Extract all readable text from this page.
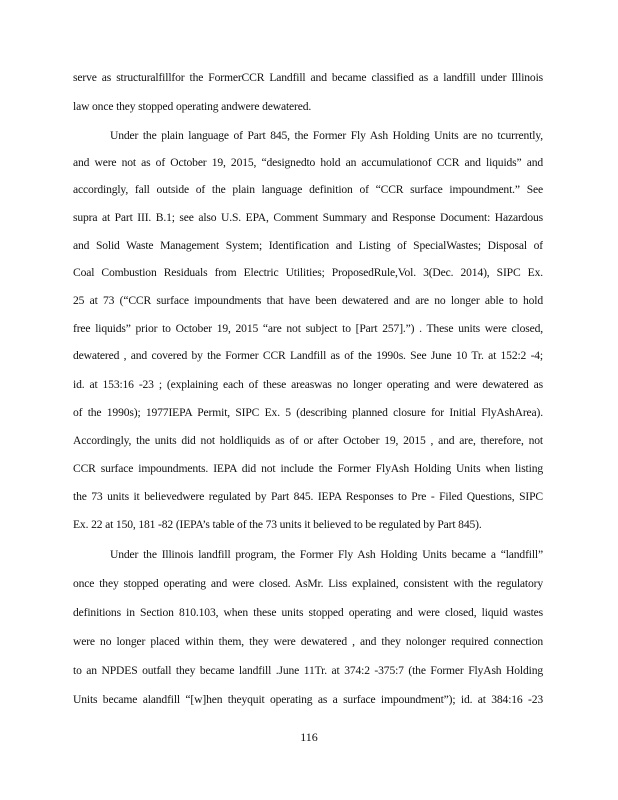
serve as structuralfillfor the FormerCCR Landfill and became classified as a landfill under Illinois
law once they stopped operating andwere dewatered.
Under the plain language of Part 845, the Former Fly Ash Holding Units are no tcurrently,
and were not as of October 19, 2015, “designedto hold an accumulationof CCR and liquids” and
accordingly, fall outside of the plain language definition of “CCR surface impoundment.” See
supra at Part III. B.1; see also U.S. EPA, Comment Summary and Response Document: Hazardous
and Solid Waste Management System; Identification and Listing of SpecialWastes; Disposal of
Coal Combustion Residuals from Electric Utilities; ProposedRule,Vol. 3(Dec. 2014), SIPC Ex.
25 at 73 (“CCR surface impoundments that have been dewatered and are no longer able to hold
free liquids” prior to October 19, 2015 “are not subject to [Part 257].”) . These units were closed,
dewatered , and covered by the Former CCR Landfill as of the 1990s. See June 10 Tr. at 152:2 ‑4;
id. at 153:16 ‑23 ; (explaining each of these areaswas no longer operating and were dewatered as
of the 1990s); 1977IEPA Permit, SIPC Ex. 5 (describing planned closure for Initial FlyAshArea).
Accordingly, the units did not holdliquids as of or after October 19, 2015 , and are, therefore, not
CCR surface impoundments. IEPA did not include the Former FlyAsh Holding Units when listing
the 73 units it believedwere regulated by Part 845. IEPA Responses to Pre - Filed Questions, SIPC
Ex. 22 at 150, 181 ‑82 (IEPA’s table of the 73 units it believed to be regulated by Part 845).
Under the Illinois landfill program, the Former Fly Ash Holding Units became a “landfill”
once they stopped operating and were closed. AsMr. Liss explained, consistent with the regulatory
definitions in Section 810.103, when these units stopped operating and were closed, liquid wastes
were no longer placed within them, they were dewatered , and they nolonger required connection
to an NPDES outfall they became landfill .June 11Tr. at 374:2 ‑375:7 (the Former FlyAsh Holding
Units became alandfill “[w]hen theyquit operating as a surface impoundment”); id. at 384:16 ‑23
116
